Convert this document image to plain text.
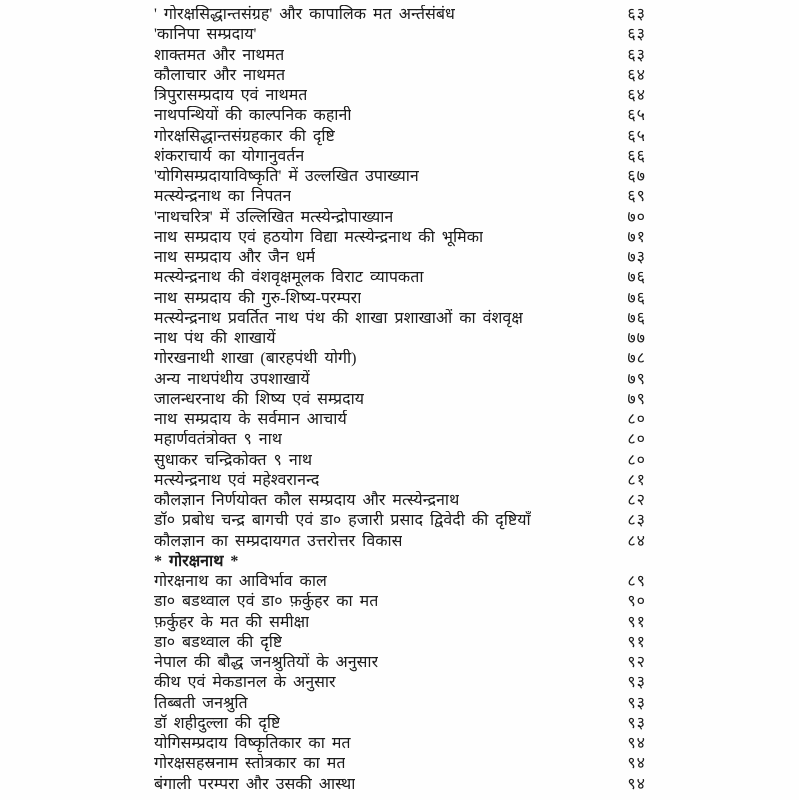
' गोरक्षसिद्धान्तसंग्रह' और कापालिक मत अर्न्तसंबंध	६३
'कानिपा सम्प्रदाय'	६३
शाक्तमत और नाथमत	६३
कौलाचार और नाथमत	६४
त्रिपुरासम्प्रदाय एवं नाथमत	६४
नाथपन्थियों की काल्पनिक कहानी	६५
गोरक्षसिद्धान्तसंग्रहकार की दृष्टि	६५
शंकराचार्य का योगानुवर्तन	६६
'योगिसम्प्रदायाविष्कृति' में उल्लखित उपाख्यान	६७
मत्स्येन्द्रनाथ का निपतन	६९
'नाथचरित्र' में उल्लिखित मत्स्येन्द्रोपाख्यान	७०
नाथ सम्प्रदाय एवं हठयोग विद्या मत्स्येन्द्रनाथ की भूमिका	७१
नाथ सम्प्रदाय और जैन धर्म	७३
मत्स्येन्द्रनाथ की वंशवृक्षमूलक विराट व्यापकता	७६
नाथ सम्प्रदाय की गुरु-शिष्य-परम्परा	७६
मत्स्येन्द्रनाथ प्रवर्तित नाथ पंथ की शाखा प्रशाखाओं का वंशवृक्ष	७६
नाथ पंथ की शाखायें	७७
गोरखनाथी शाखा (बारहपंथी योगी)	७८
अन्य नाथपंथीय उपशाखायें	७९
जालन्धरनाथ की शिष्य एवं सम्प्रदाय	७९
नाथ सम्प्रदाय के सर्वमान आचार्य	८०
महार्णवतंत्रोक्त ९ नाथ	८०
सुधाकर चन्द्रिकोक्त ९ नाथ	८०
मत्स्येन्द्रनाथ एवं महेश्वरानन्द	८१
कौलज्ञान निर्णयोक्त कौल सम्प्रदाय और मत्स्येन्द्रनाथ	८२
डॉ० प्रबोध चन्द्र बागची एवं डा० हजारी प्रसाद द्विवेदी की दृष्टियाँ	८३
कौलज्ञान का सम्प्रदायगत उत्तरोत्तर विकास	८४
* गोरक्षनाथ *
गोरक्षनाथ का आविर्भाव काल	८९
डा० बडथ्वाल एवं डा० फ़र्कुहर का मत	९०
फ़र्कुहर के मत की समीक्षा	९१
डा० बडथ्वाल की दृष्टि	९१
नेपाल की बौद्ध जनश्रुतियों के अनुसार	९२
कीथ एवं मेकडानल के अनुसार	९३
तिब्बती जनश्रुति	९३
डॉ शहीदुल्ला की दृष्टि	९३
योगिसम्प्रदाय विष्कृतिकार का मत	९४
गोरक्षसहस्रनाम स्तोत्रकार का मत	९४
बंगाली परम्परा और उसकी आस्था	९४
